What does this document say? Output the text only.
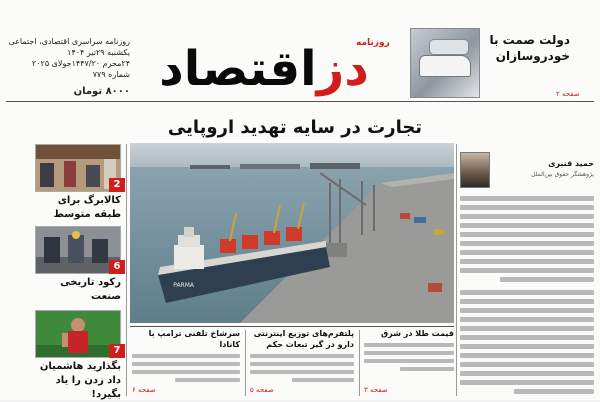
دولت صمت با خودروسازان
روزنامه
دز
اقتصاد
روزنامه سراسری اقتصادی، اجتماعی
یکشنبه ۲۹تیر ۱۴۰۴
۲۴محرم ۱۴۴۷/۲۰جولای ۲۰۲۵
شماره ۷۷۹
۸۰۰۰ تومان	صفحه ۲
تجارت در سایه تهدید اروپایی
PARMA
2
کالابرگ برای طبقه متوسط
6
رکود تاریخی صنعت
7
بگذارید هاشمیان داد زدن را یاد بگیرد!
حمید قنبری
پژوهشگر حقوق بین‌الملل
قیمت طلا در شرق
صفحه ۳
پلتفرم‌های توزیع اینترنتی دارو در گیر تبعات حکم
صفحه ۵
سرشاخ تلفنی ترامپ با کانادا
صفحه ۶
